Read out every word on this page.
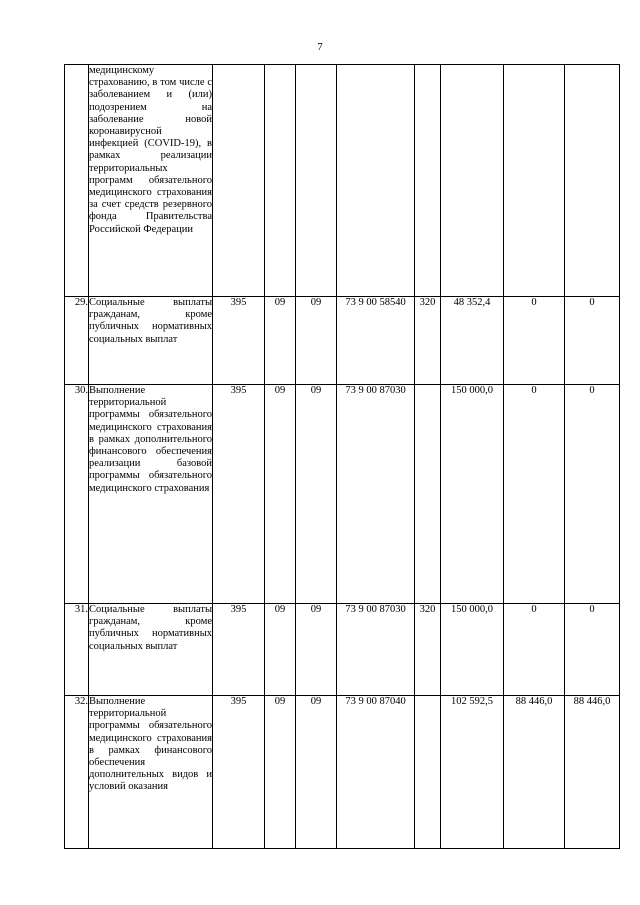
7
	медицинскому страхованию, в том числе с заболеванием и (или) подозрением на заболевание новой коронавирусной инфекцией (COVID-19), в рамках реализации территориальных программ обязательного медицинского страхования за счет средств резервного фонда Правительства Российской Федерации								
29.	Социальные выплаты гражданам, кроме публичных нормативных социальных выплат	395	09	09	73 9 00 58540	320	48 352,4	0	0
30.	Выполнение территориальной программы обязательного медицинского страхования в рамках дополнительного финансового обеспечения реализации базовой программы обязательного медицинского страхования	395	09	09	73 9 00 87030		150 000,0	0	0
31.	Социальные выплаты гражданам, кроме публичных нормативных социальных выплат	395	09	09	73 9 00 87030	320	150 000,0	0	0
32.	Выполнение территориальной программы обязательного медицинского страхования в рамках финансового обеспечения дополнительных видов и условий оказания	395	09	09	73 9 00 87040		102 592,5	88 446,0	88 446,0
